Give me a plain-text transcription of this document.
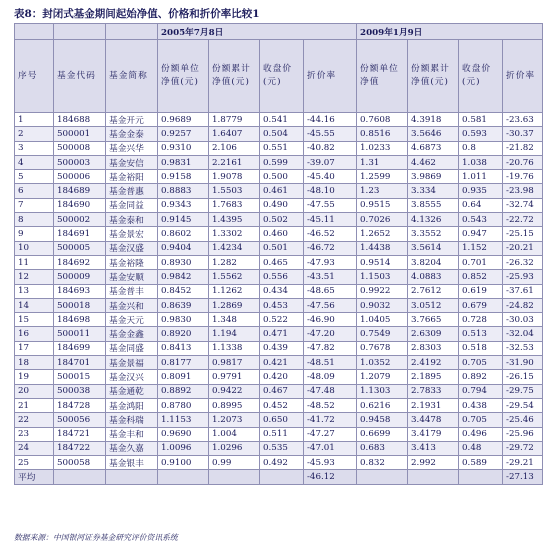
表8：封闭式基金期间起始净值、价格和折价率比较1
			2005年7月8日				2009年1月9日			
序号	基金代码	基金简称	份额单位净值(元)	份额累计净值(元)	收盘价(元)	折价率	份额单位净值	份额累计净值(元)	收盘价(元)	折价率
1	184688	基金开元	0.9689	1.8779	0.541	-44.16	0.7608	4.3918	0.581	-23.63
2	500001	基金金泰	0.9257	1.6407	0.504	-45.55	0.8516	3.5646	0.593	-30.37
3	500008	基金兴华	0.9310	2.106	0.551	-40.82	1.0233	4.6873	0.8	-21.82
4	500003	基金安信	0.9831	2.2161	0.599	-39.07	1.31	4.462	1.038	-20.76
5	500006	基金裕阳	0.9158	1.9078	0.500	-45.40	1.2599	3.9869	1.011	-19.76
6	184689	基金普惠	0.8883	1.5503	0.461	-48.10	1.23	3.334	0.935	-23.98
7	184690	基金同益	0.9343	1.7683	0.490	-47.55	0.9515	3.8555	0.64	-32.74
8	500002	基金泰和	0.9145	1.4395	0.502	-45.11	0.7026	4.1326	0.543	-22.72
9	184691	基金景宏	0.8602	1.3302	0.460	-46.52	1.2652	3.3552	0.947	-25.15
10	500005	基金汉盛	0.9404	1.4234	0.501	-46.72	1.4438	3.5614	1.152	-20.21
11	184692	基金裕隆	0.8930	1.282	0.465	-47.93	0.9514	3.8204	0.701	-26.32
12	500009	基金安顺	0.9842	1.5562	0.556	-43.51	1.1503	4.0883	0.852	-25.93
13	184693	基金普丰	0.8452	1.1262	0.434	-48.65	0.9922	2.7612	0.619	-37.61
14	500018	基金兴和	0.8639	1.2869	0.453	-47.56	0.9032	3.0512	0.679	-24.82
15	184698	基金天元	0.9830	1.348	0.522	-46.90	1.0405	3.7665	0.728	-30.03
16	500011	基金金鑫	0.8920	1.194	0.471	-47.20	0.7549	2.6309	0.513	-32.04
17	184699	基金同盛	0.8413	1.1338	0.439	-47.82	0.7678	2.8303	0.518	-32.53
18	184701	基金景福	0.8177	0.9817	0.421	-48.51	1.0352	2.4192	0.705	-31.90
19	500015	基金汉兴	0.8091	0.9791	0.420	-48.09	1.2079	2.1895	0.892	-26.15
20	500038	基金通乾	0.8892	0.9422	0.467	-47.48	1.1303	2.7833	0.794	-29.75
21	184728	基金鸿阳	0.8780	0.8995	0.452	-48.52	0.6216	2.1931	0.438	-29.54
22	500056	基金科瑞	1.1153	1.2073	0.650	-41.72	0.9458	3.4478	0.705	-25.46
23	184721	基金丰和	0.9690	1.004	0.511	-47.27	0.6699	3.4179	0.496	-25.96
24	184722	基金久嘉	1.0096	1.0296	0.535	-47.01	0.683	3.413	0.48	-29.72
25	500058	基金银丰	0.9100	0.99	0.492	-45.93	0.832	2.992	0.589	-29.21
平均						-46.12				-27.13
数据来源：中国银河证券基金研究评价资讯系统
